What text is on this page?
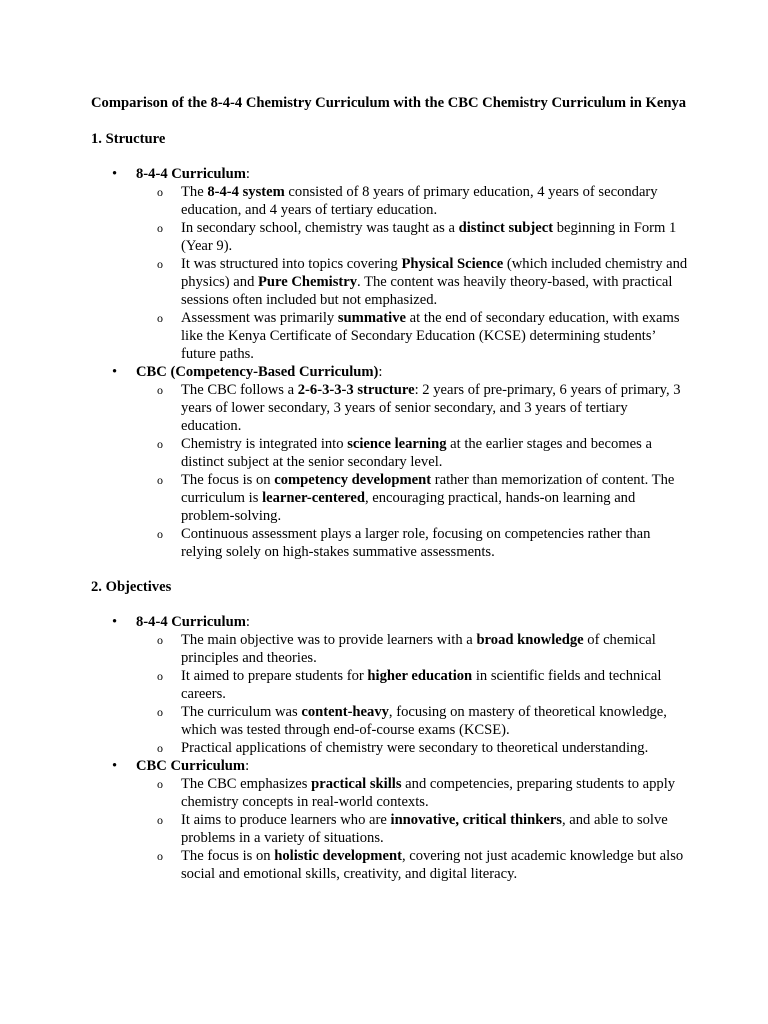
Comparison of the 8-4-4 Chemistry Curriculum with the CBC Chemistry Curriculum in Kenya
1. Structure
• 8-4-4 Curriculum:
o The 8-4-4 system consisted of 8 years of primary education, 4 years of secondary education, and 4 years of tertiary education.
o In secondary school, chemistry was taught as a distinct subject beginning in Form 1 (Year 9).
o It was structured into topics covering Physical Science (which included chemistry and physics) and Pure Chemistry. The content was heavily theory-based, with practical sessions often included but not emphasized.
o Assessment was primarily summative at the end of secondary education, with exams like the Kenya Certificate of Secondary Education (KCSE) determining students’ future paths.
• CBC (Competency-Based Curriculum):
o The CBC follows a 2-6-3-3-3 structure: 2 years of pre-primary, 6 years of primary, 3 years of lower secondary, 3 years of senior secondary, and 3 years of tertiary education.
o Chemistry is integrated into science learning at the earlier stages and becomes a distinct subject at the senior secondary level.
o The focus is on competency development rather than memorization of content. The curriculum is learner-centered, encouraging practical, hands-on learning and problem-solving.
o Continuous assessment plays a larger role, focusing on competencies rather than relying solely on high-stakes summative assessments.
2. Objectives
• 8-4-4 Curriculum:
o The main objective was to provide learners with a broad knowledge of chemical principles and theories.
o It aimed to prepare students for higher education in scientific fields and technical careers.
o The curriculum was content-heavy, focusing on mastery of theoretical knowledge, which was tested through end-of-course exams (KCSE).
o Practical applications of chemistry were secondary to theoretical understanding.
• CBC Curriculum:
o The CBC emphasizes practical skills and competencies, preparing students to apply chemistry concepts in real-world contexts.
o It aims to produce learners who are innovative, critical thinkers, and able to solve problems in a variety of situations.
o The focus is on holistic development, covering not just academic knowledge but also social and emotional skills, creativity, and digital literacy.
